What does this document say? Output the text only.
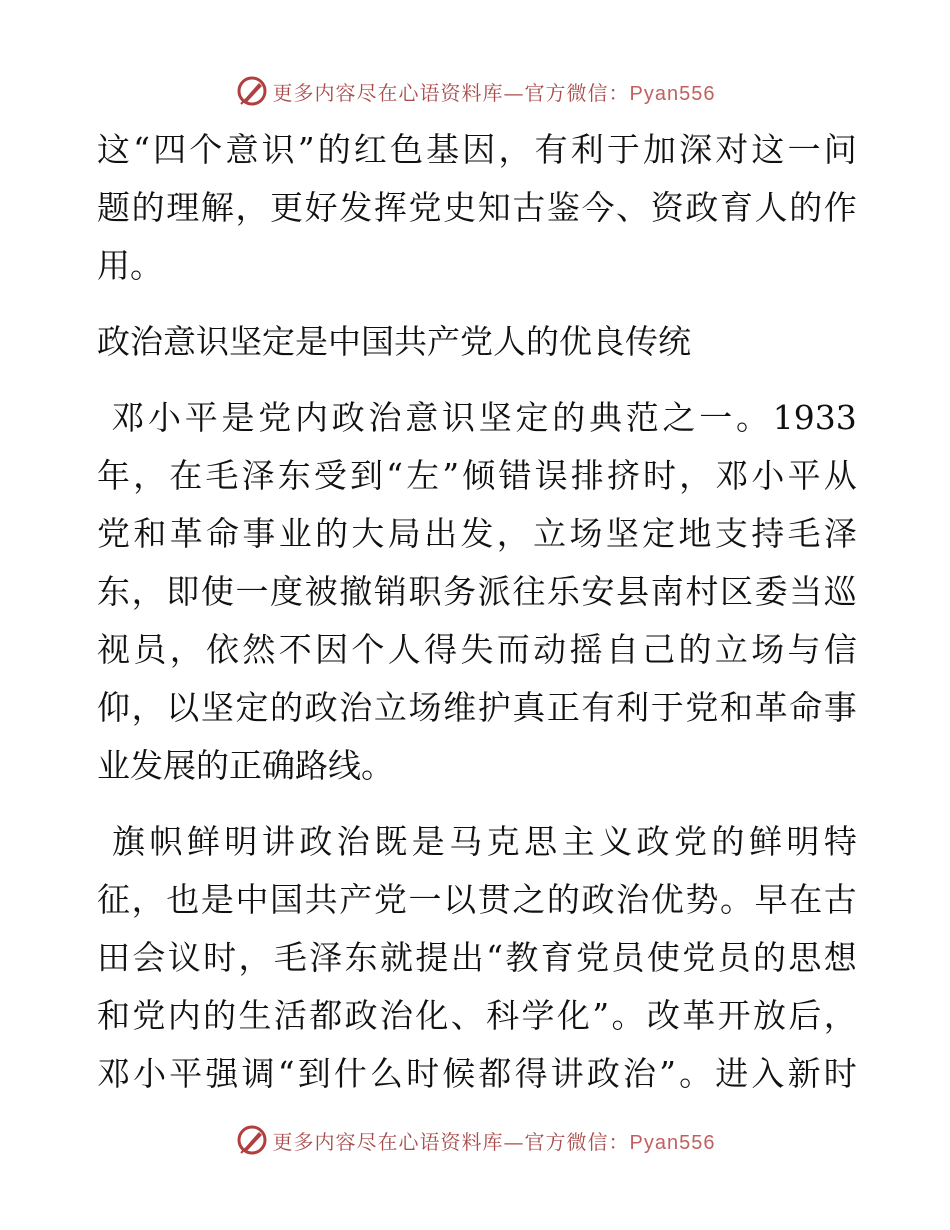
更多内容尽在心语资料库—官方微信：Pyan556
这 “ 四 个 意 识 ” 的 红 色 基 因 ， 有 利 于 加 深 对 这 一 问
题 的 理 解 ， 更 好 发 挥 党 史 知 古 鉴 今 、 资 政 育 人 的 作
用。
政治意识坚定是中国共产党人的优良传统

邓 小 平 是 党 内 政 治 意 识 坚 定 的 典 范 之 一 。 1933
年 ， 在 毛 泽 东 受 到 “ 左 ” 倾 错 误 排 挤 时 ， 邓 小 平 从
党 和 革 命 事 业 的 大 局 出 发 ， 立 场 坚 定 地 支 持 毛 泽
东 ， 即 使 一 度 被 撤 销 职 务 派 往 乐 安 县 南 村 区 委 当 巡
视 员 ， 依 然 不 因 个 人 得 失 而 动 摇 自 己 的 立 场 与 信
仰 ， 以 坚 定 的 政 治 立 场 维 护 真 正 有 利 于 党 和 革 命 事
业发展的正确路线。

旗 帜 鲜 明 讲 政 治 既 是 马 克 思 主 义 政 党 的 鲜 明 特
征 ， 也 是 中 国 共 产 党 一 以 贯 之 的 政 治 优 势 。 早 在 古
田 会 议 时 ， 毛 泽 东 就 提 出 “ 教 育 党 员 使 党 员 的 思 想
和 党 内 的 生 活 都 政 治 化 、 科 学 化 ” 。 改 革 开 放 后 ，
邓 小 平 强 调 “ 到 什 么 时 候 都 得 讲 政 治 ” 。 进 入 新 时
更多内容尽在心语资料库—官方微信：Pyan556
